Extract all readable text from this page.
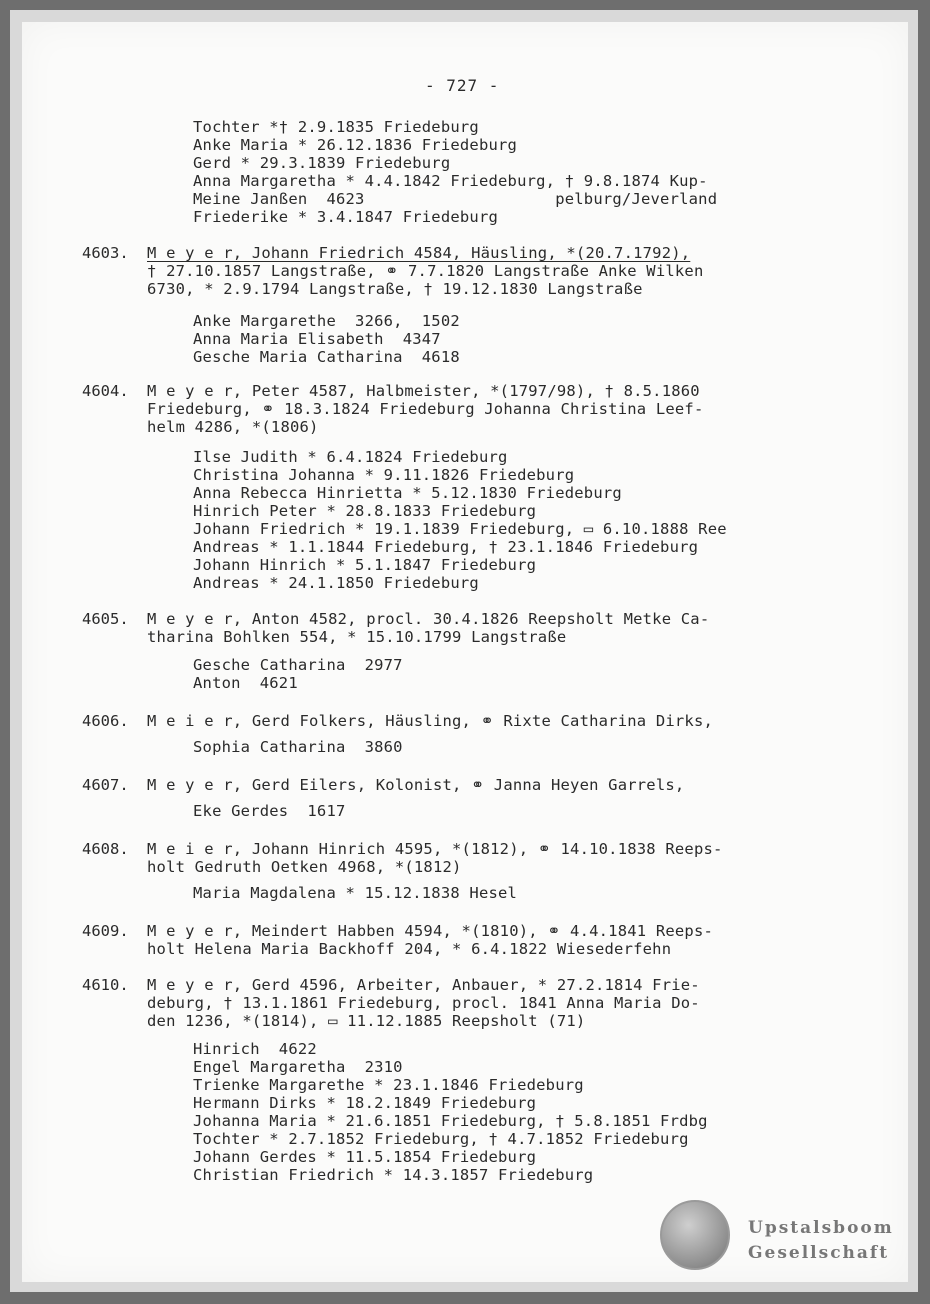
- 727 -
Tochter *† 2.9.1835 Friedeburg
Anke Maria * 26.12.1836 Friedeburg
Gerd * 29.3.1839 Friedeburg
Anna Margaretha * 4.4.1842 Friedeburg, † 9.8.1874 Kup-
Meine Janßen  4623                    pelburg/Jeverland
Friederike * 3.4.1847 Friedeburg
4603. M e y e r, Johann Friedrich 4584, Häusling, *(20.7.1792),
† 27.10.1857 Langstraße, ⚭ 7.7.1820 Langstraße Anke Wilken
6730, * 2.9.1794 Langstraße, † 19.12.1830 Langstraße
Anke Margarethe  3266,  1502
Anna Maria Elisabeth  4347
Gesche Maria Catharina  4618
4604. M e y e r, Peter 4587, Halbmeister, *(1797/98), † 8.5.1860
Friedeburg, ⚭ 18.3.1824 Friedeburg Johanna Christina Leef-
helm 4286, *(1806)
Ilse Judith * 6.4.1824 Friedeburg
Christina Johanna * 9.11.1826 Friedeburg
Anna Rebecca Hinrietta * 5.12.1830 Friedeburg
Hinrich Peter * 28.8.1833 Friedeburg
Johann Friedrich * 19.1.1839 Friedeburg, ▭ 6.10.1888 Ree
Andreas * 1.1.1844 Friedeburg, † 23.1.1846 Friedeburg
Johann Hinrich * 5.1.1847 Friedeburg
Andreas * 24.1.1850 Friedeburg
4605. M e y e r, Anton 4582, procl. 30.4.1826 Reepsholt Metke Ca-
tharina Bohlken 554, * 15.10.1799 Langstraße
Gesche Catharina  2977
Anton  4621
4606. M e i e r, Gerd Folkers, Häusling, ⚭ Rixte Catharina Dirks,
Sophia Catharina  3860
4607. M e y e r, Gerd Eilers, Kolonist, ⚭ Janna Heyen Garrels,
Eke Gerdes  1617
4608. M e i e r, Johann Hinrich 4595, *(1812), ⚭ 14.10.1838 Reeps-
holt Gedruth Oetken 4968, *(1812)
Maria Magdalena * 15.12.1838 Hesel
4609. M e y e r, Meindert Habben 4594, *(1810), ⚭ 4.4.1841 Reeps-
holt Helena Maria Backhoff 204, * 6.4.1822 Wiesederfehn
4610. M e y e r, Gerd 4596, Arbeiter, Anbauer, * 27.2.1814 Frie-
deburg, † 13.1.1861 Friedeburg, procl. 1841 Anna Maria Do-
den 1236, *(1814), ▭ 11.12.1885 Reepsholt (71)
Hinrich  4622
Engel Margaretha  2310
Trienke Margarethe * 23.1.1846 Friedeburg
Hermann Dirks * 18.2.1849 Friedeburg
Johanna Maria * 21.6.1851 Friedeburg, † 5.8.1851 Frdbg
Tochter * 2.7.1852 Friedeburg, † 4.7.1852 Friedeburg
Johann Gerdes * 11.5.1854 Friedeburg
Christian Friedrich * 14.3.1857 Friedeburg
Upstalsboom
Gesellschaft
